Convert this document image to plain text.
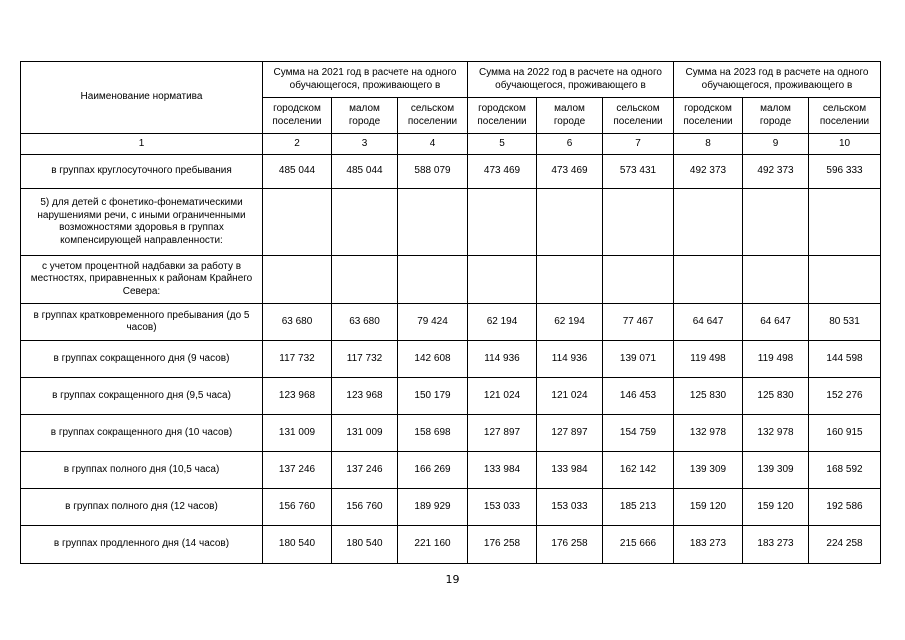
Наименование норматива	Сумма на 2021 год в расчете на одного обучающегося, проживающего в			Сумма на 2022 год в расчете на одного обучающегося, проживающего в			Сумма на 2023 год в расчете на одного обучающегося, проживающего в		
	городском поселении	малом городе	сельском поселении	городском поселении	малом городе	сельском поселении	городском поселении	малом городе	сельском поселении
1	2	3	4	5	6	7	8	9	10
в группах круглосуточного пребывания	485 044	485 044	588 079	473 469	473 469	573 431	492 373	492 373	596 333
5) для детей с фонетико-фонематическими нарушениями речи, с иными ограниченными возможностями здоровья в группах компенсирующей направленности:									
с учетом процентной надбавки за работу в местностях, приравненных к районам Крайнего Севера:									
в группах кратковременного пребывания (до 5 часов)	63 680	63 680	79 424	62 194	62 194	77 467	64 647	64 647	80 531
в группах сокращенного дня (9 часов)	117 732	117 732	142 608	114 936	114 936	139 071	119 498	119 498	144 598
в группах сокращенного дня (9,5 часа)	123 968	123 968	150 179	121 024	121 024	146 453	125 830	125 830	152 276
в группах сокращенного дня (10 часов)	131 009	131 009	158 698	127 897	127 897	154 759	132 978	132 978	160 915
в группах полного дня (10,5 часа)	137 246	137 246	166 269	133 984	133 984	162 142	139 309	139 309	168 592
в группах полного дня (12 часов)	156 760	156 760	189 929	153 033	153 033	185 213	159 120	159 120	192 586
в группах продленного дня (14 часов)	180 540	180 540	221 160	176 258	176 258	215 666	183 273	183 273	224 258
19
